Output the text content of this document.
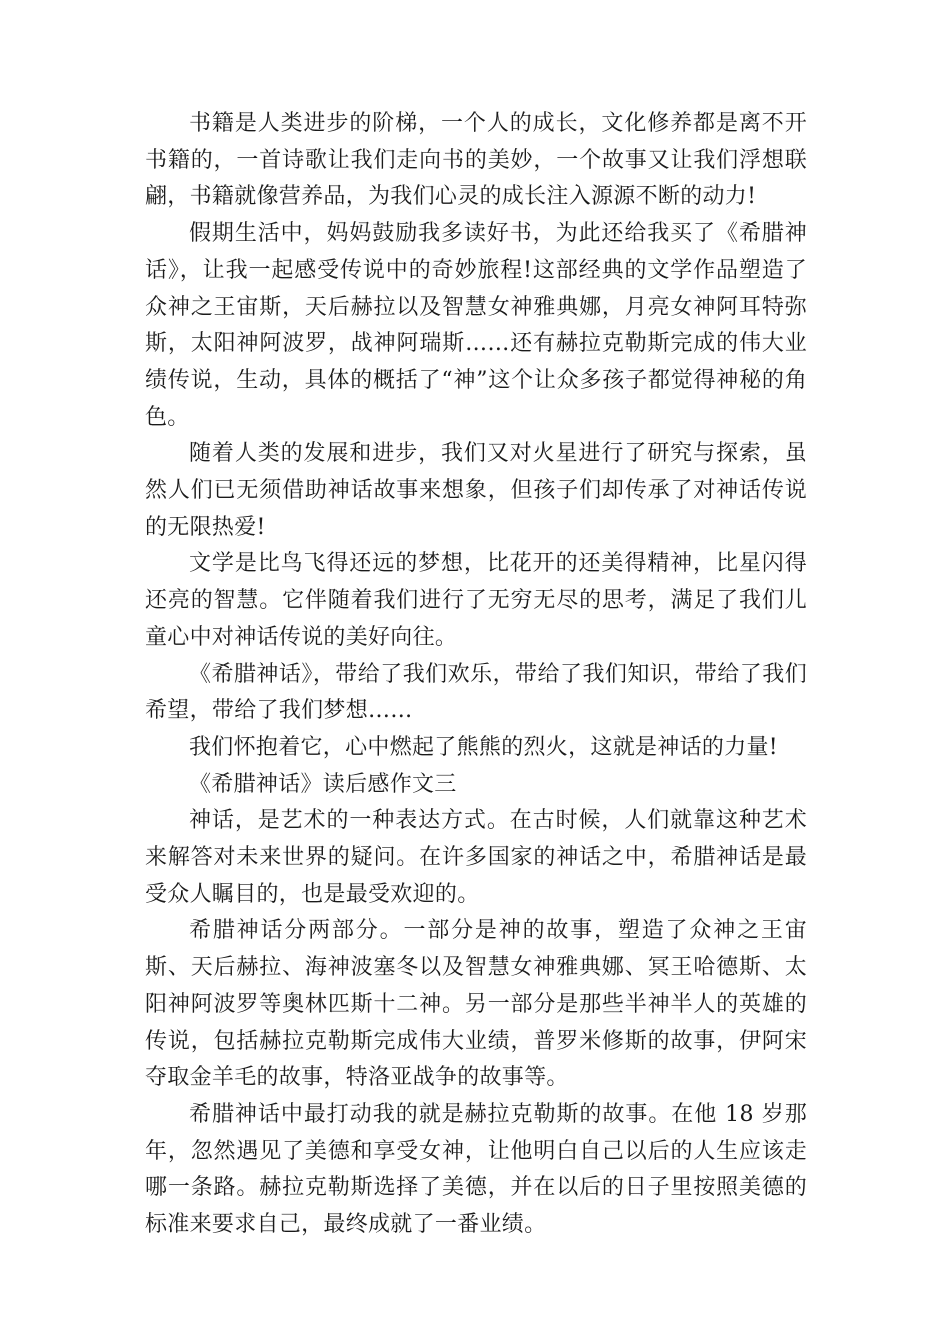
书籍是人类进步的阶梯，一个人的成长，文化修养都是离不开书籍的，一首诗歌让我们走向书的美妙，一个故事又让我们浮想联翩，书籍就像营养品，为我们心灵的成长注入源源不断的动力!

假期生活中，妈妈鼓励我多读好书，为此还给我买了《希腊神话》，让我一起感受传说中的奇妙旅程!这部经典的文学作品塑造了众神之王宙斯，天后赫拉以及智慧女神雅典娜，月亮女神阿耳特弥斯，太阳神阿波罗，战神阿瑞斯……还有赫拉克勒斯完成的伟大业绩传说，生动，具体的概括了“神”这个让众多孩子都觉得神秘的角色。

随着人类的发展和进步，我们又对火星进行了研究与探索，虽然人们已无须借助神话故事来想象，但孩子们却传承了对神话传说的无限热爱!

文学是比鸟飞得还远的梦想，比花开的还美得精神，比星闪得还亮的智慧。它伴随着我们进行了无穷无尽的思考，满足了我们儿童心中对神话传说的美好向往。

《希腊神话》，带给了我们欢乐，带给了我们知识，带给了我们希望，带给了我们梦想……

我们怀抱着它，心中燃起了熊熊的烈火，这就是神话的力量!

《希腊神话》读后感作文三

神话，是艺术的一种表达方式。在古时候，人们就靠这种艺术来解答对未来世界的疑问。在许多国家的神话之中，希腊神话是最受众人瞩目的，也是最受欢迎的。

希腊神话分两部分。一部分是神的故事，塑造了众神之王宙斯、天后赫拉、海神波塞冬以及智慧女神雅典娜、冥王哈德斯、太阳神阿波罗等奥林匹斯十二神。另一部分是那些半神半人的英雄的传说，包括赫拉克勒斯完成伟大业绩，普罗米修斯的故事，伊阿宋夺取金羊毛的故事，特洛亚战争的故事等。

希腊神话中最打动我的就是赫拉克勒斯的故事。在他 18 岁那年，忽然遇见了美德和享受女神，让他明白自己以后的人生应该走哪一条路。赫拉克勒斯选择了美德，并在以后的日子里按照美德的标准来要求自己，最终成就了一番业绩。
